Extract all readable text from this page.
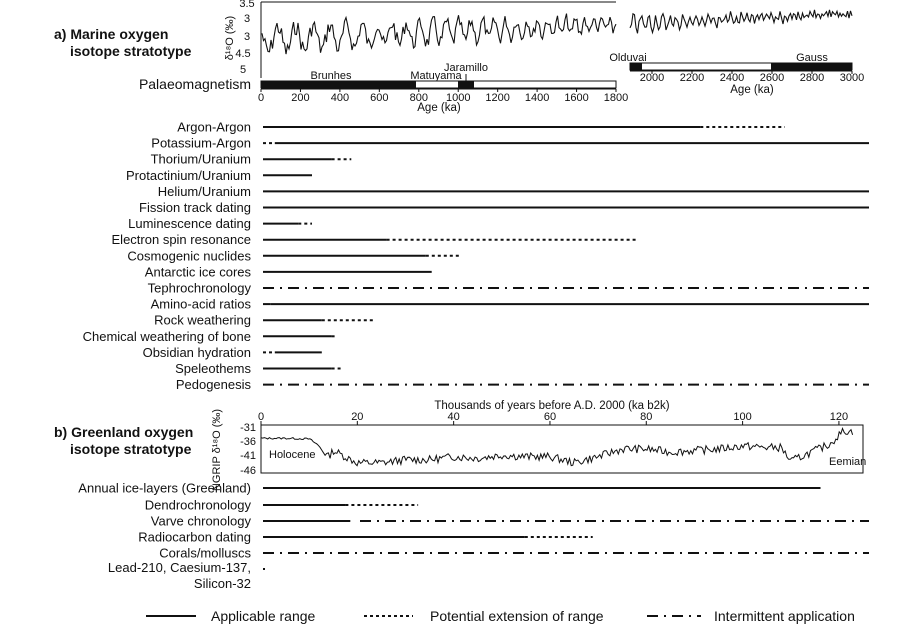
a) Marine oxygen
isotope stratotype
Palaeomagnetism
b) Greenland oxygen
isotope stratotype
3.5
3
3
4.5
5
δ¹⁸O (‰)
Brunhes	Matuyama
Jaramillo
0 200 400 600 800 1000 1200 1400 1600 1800
Age (ka)
Olduvai	Gauss
2000 2200 2400 2600 2800 3000
Age (ka)
Argon-Argon
Potassium-Argon
Thorium/Uranium
Protactinium/Uranium
Helium/Uranium
Fission track dating
Luminescence dating
Electron spin resonance
Cosmogenic nuclides
Antarctic ice cores
Tephrochronology
Amino-acid ratios
Rock weathering
Chemical weathering of bone
Obsidian hydration
Speleothems
Pedogenesis
Thousands of years before A.D. 2000 (ka b2k)
0	20	40	60	80	100	120
-31
-36
-41
-46
NGRIP δ¹⁸O (‰)	Holocene
Eemian
Annual ice-layers (Greenland)
Dendrochronology
Varve chronology
Radiocarbon dating
Corals/molluscs
Lead-210, Caesium-137, Silicon-32
Applicable range	Potential extension of range	Intermittent application
